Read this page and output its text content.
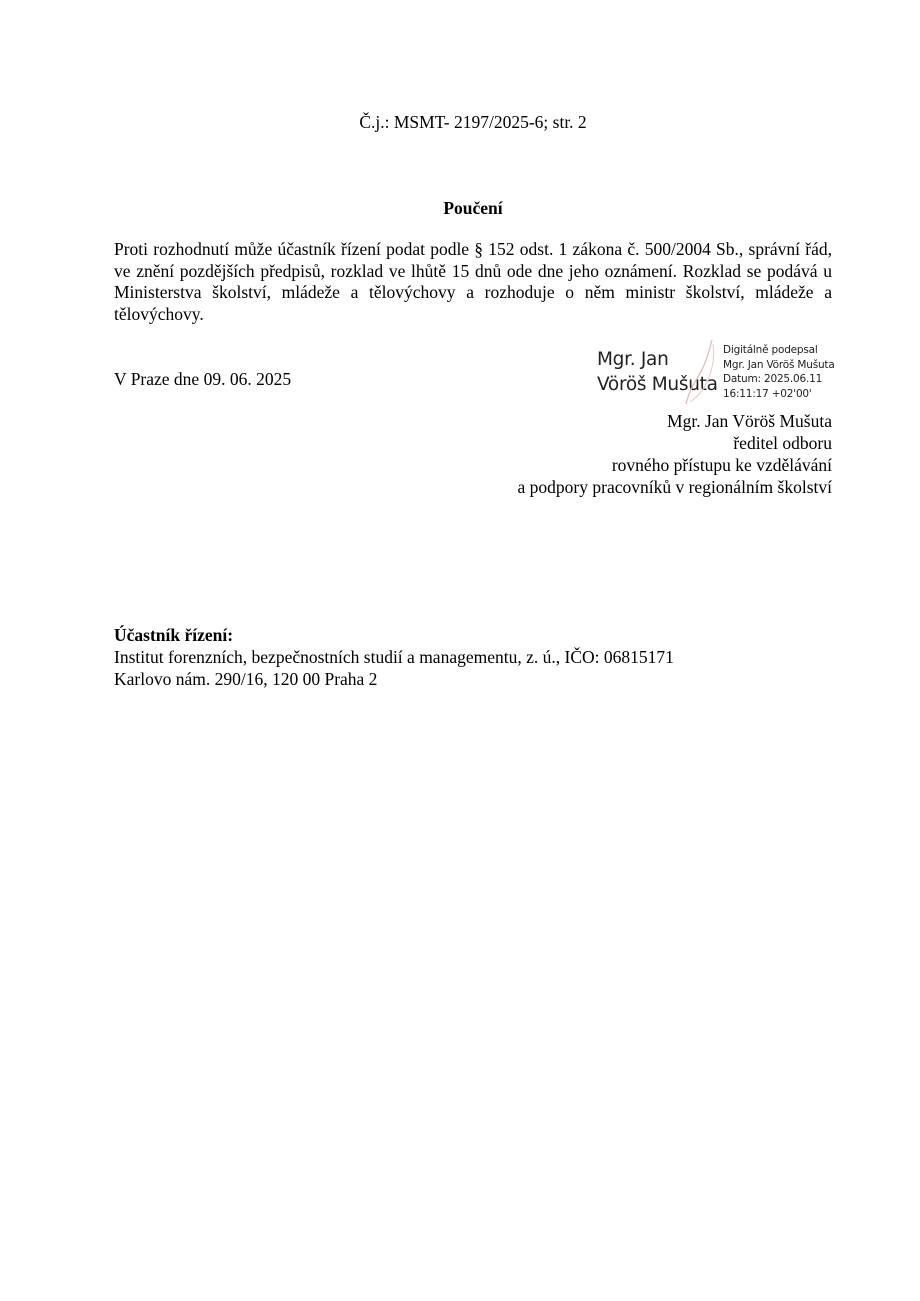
Č.j.: MSMT- 2197/2025-6; str. 2
Poučení

Proti rozhodnutí může účastník řízení podat podle § 152 odst. 1 zákona č. 500/2004 Sb., správní řád, ve znění pozdějších předpisů, rozklad ve lhůtě 15 dnů ode dne jeho oznámení. Rozklad se podává u Ministerstva školství, mládeže a tělovýchovy a rozhoduje o něm ministr školství, mládeže a tělovýchovy.

V Praze dne 09. 06. 2025
Mgr. Jan
Vöröš Mušuta
Digitálně podepsal
Mgr. Jan Vöröš Mušuta
Datum: 2025.06.11
16:11:17 +02'00'
Mgr. Jan Vöröš Mušuta
ředitel odboru
rovného přístupu ke vzdělávání
a podpory pracovníků v regionálním školství
Účastník řízení:
Institut forenzních, bezpečnostních studií a managementu, z. ú., IČO: 06815171
Karlovo nám. 290/16, 120 00 Praha 2
